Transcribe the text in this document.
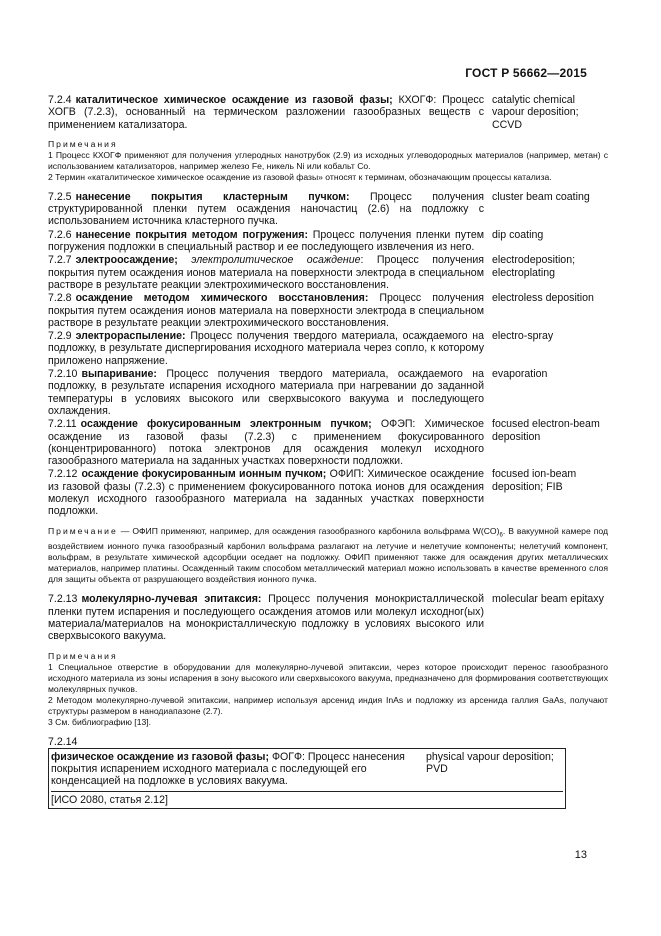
ГОСТ Р 56662—2015
7.2.4 каталитическое химическое осаждение из газовой фазы; КХОГФ: Процесс ХОГВ (7.2.3), основанный на термическом разложении газообразных веществ с применением катализатора.
catalytic chemical vapour deposition; CCVD
Примечания
1 Процесс КХОГФ применяют для получения углеродных нанотрубок (2.9) из исходных углеводородных материалов (например, метан) с использованием катализаторов, например железо Fe, никель Ni или кобальт Co.
2 Термин «каталитическое химическое осаждение из газовой фазы» относят к терминам, обозначающим процессы катализа.
7.2.5 нанесение покрытия кластерным пучком: Процесс получения структурированной пленки путем осаждения наночастиц (2.6) на подложку с использованием источника кластерного пучка.
cluster beam coating
7.2.6 нанесение покрытия методом погружения: Процесс получения пленки путем погружения подложки в специальный раствор и ее последующего извлечения из него.
dip coating
7.2.7 электроосаждение; электролитическое осаждение: Процесс получения покрытия путем осаждения ионов материала на поверхности электрода в специальном растворе в результате реакции электрохимического восстановления.
electrodeposition; electroplating
7.2.8 осаждение методом химического восстановления: Процесс получения покрытия путем осаждения ионов материала на поверхности электрода в специальном растворе в результате реакции электрохимического восстановления.
electroless deposition
7.2.9 электрораспыление: Процесс получения твердого материала, осаждаемого на подложку, в результате диспергирования исходного материала через сопло, к которому приложено напряжение.
electro-spray
7.2.10 выпаривание: Процесс получения твердого материала, осаждаемого на подложку, в результате испарения исходного материала при нагревании до заданной температуры в условиях высокого или сверхвысокого вакуума и последующего охлаждения.
evaporation
7.2.11 осаждение фокусированным электронным пучком; ОФЭП: Химическое осаждение из газовой фазы (7.2.3) с применением фокусированного (концентрированного) потока электронов для осаждения молекул исходного газообразного материала на заданных участках поверхности подложки.
focused electron-beam deposition
7.2.12 осаждение фокусированным ионным пучком; ОФИП: Химическое осаждение из газовой фазы (7.2.3) с применением фокусированного потока ионов для осаждения молекул исходного газообразного материала на заданных участках поверхности подложки.
focused ion-beam deposition; FIB
Примечание — ОФИП применяют, например, для осаждения газообразного карбонила вольфрама $W(CO)_6$. В вакуумной камере под воздействием ионного пучка газообразный карбонил вольфрама разлагают на летучие и нелетучие компоненты; нелетучий компонент, вольфрам, в результате химической адсорбции оседает на подложку. ОФИП применяют также для осаждения других металлических материалов, например платины. Осажденный таким способом металлический материал можно использовать в качестве временного слоя для защиты объекта от разрушающего воздействия ионного пучка.
7.2.13 молекулярно-лучевая эпитаксия: Процесс получения монокристаллической пленки путем испарения и последующего осаждения атомов или молекул исходног(ых) материала/материалов на монокристаллическую подложку в условиях высокого или сверхвысокого вакуума.
molecular beam epitaxy
Примечания
1 Специальное отверстие в оборудовании для молекулярно-лучевой эпитаксии, через которое происходит перенос газообразного исходного материала из зоны испарения в зону высокого или сверхвысокого вакуума, предназначено для формирования соответствующих молекулярных пучков.
2 Методом молекулярно-лучевой эпитаксии, например используя арсенид индия InAs и подложку из арсенида галлия GaAs, получают структуры размером в нанодиапазоне (2.7).
3 См. библиографию [13].
7.2.14
физическое осаждение из газовой фазы; ФОГФ: Процесс нанесения покрытия испарением исходного материала с последующей его конденсацией на подложке в условиях вакуума.
physical vapour deposition; PVD
[ИСО 2080, статья 2.12]
13
